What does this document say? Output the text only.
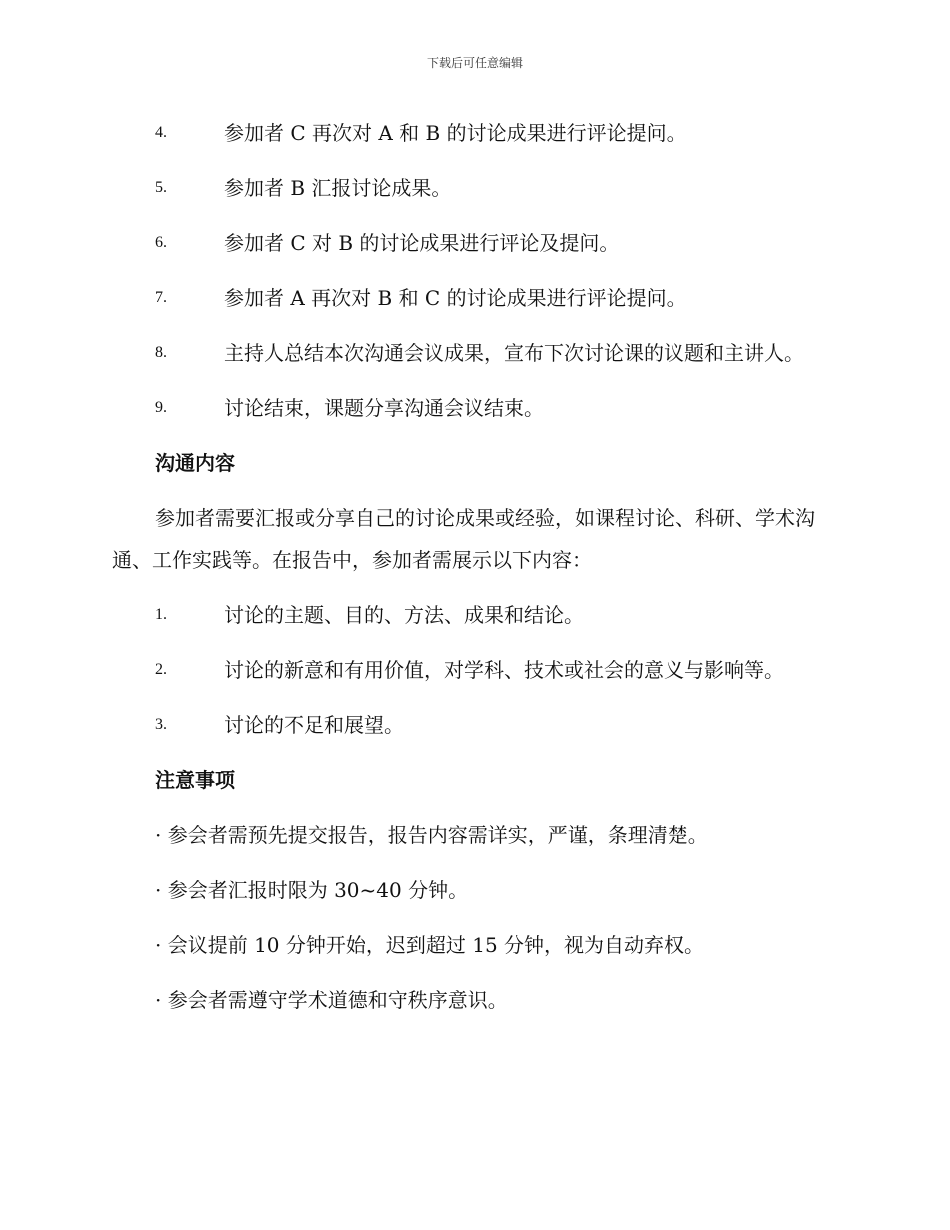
下载后可任意编辑
4.	参加者 C 再次对 A 和 B 的讨论成果进行评论提问。
5.	参加者 B 汇报讨论成果。
6.	参加者 C 对 B 的讨论成果进行评论及提问。
7.	参加者 A 再次对 B 和 C 的讨论成果进行评论提问。
8.	主持人总结本次沟通会议成果，宣布下次讨论课的议题和主讲人。
9.	讨论结束，课题分享沟通会议结束。
沟通内容
参加者需要汇报或分享自己的讨论成果或经验，如课程讨论、科研、学术沟通、工作实践等。在报告中，参加者需展示以下内容：
1.	讨论的主题、目的、方法、成果和结论。
2.	讨论的新意和有用价值，对学科、技术或社会的意义与影响等。
3.	讨论的不足和展望。
注意事项
· 参会者需预先提交报告，报告内容需详实，严谨，条理清楚。
· 参会者汇报时限为 30~40 分钟。
· 会议提前 10 分钟开始，迟到超过 15 分钟，视为自动弃权。
· 参会者需遵守学术道德和守秩序意识。
